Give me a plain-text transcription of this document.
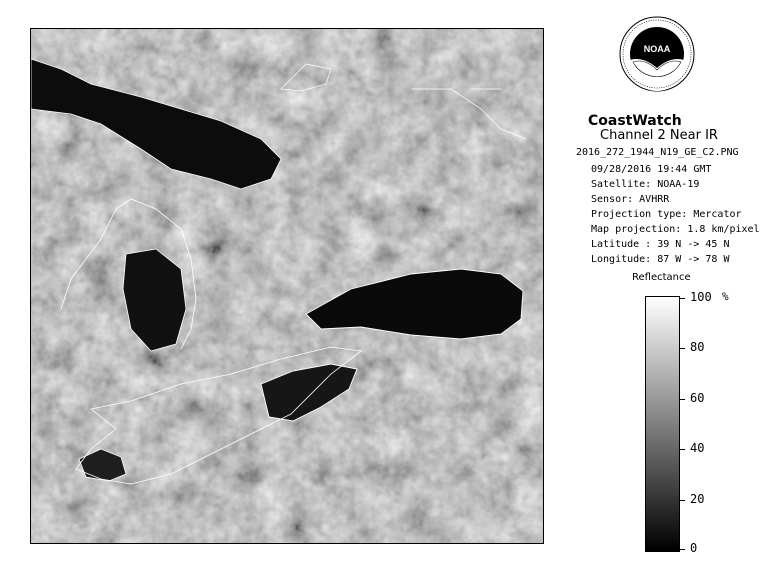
NOAA
CoastWatch
Channel 2 Near IR
2016_272_1944_N19_GE_C2.PNG
09/28/2016 19:44 GMT
Satellite: NOAA-19
Sensor: AVHRR
Projection type: Mercator
Map projection: 1.8 km/pixel
Latitude : 39 N -> 45 N
Longitude: 87 W -> 78 W
Reflectance
%
100
80
60
40
20
0
